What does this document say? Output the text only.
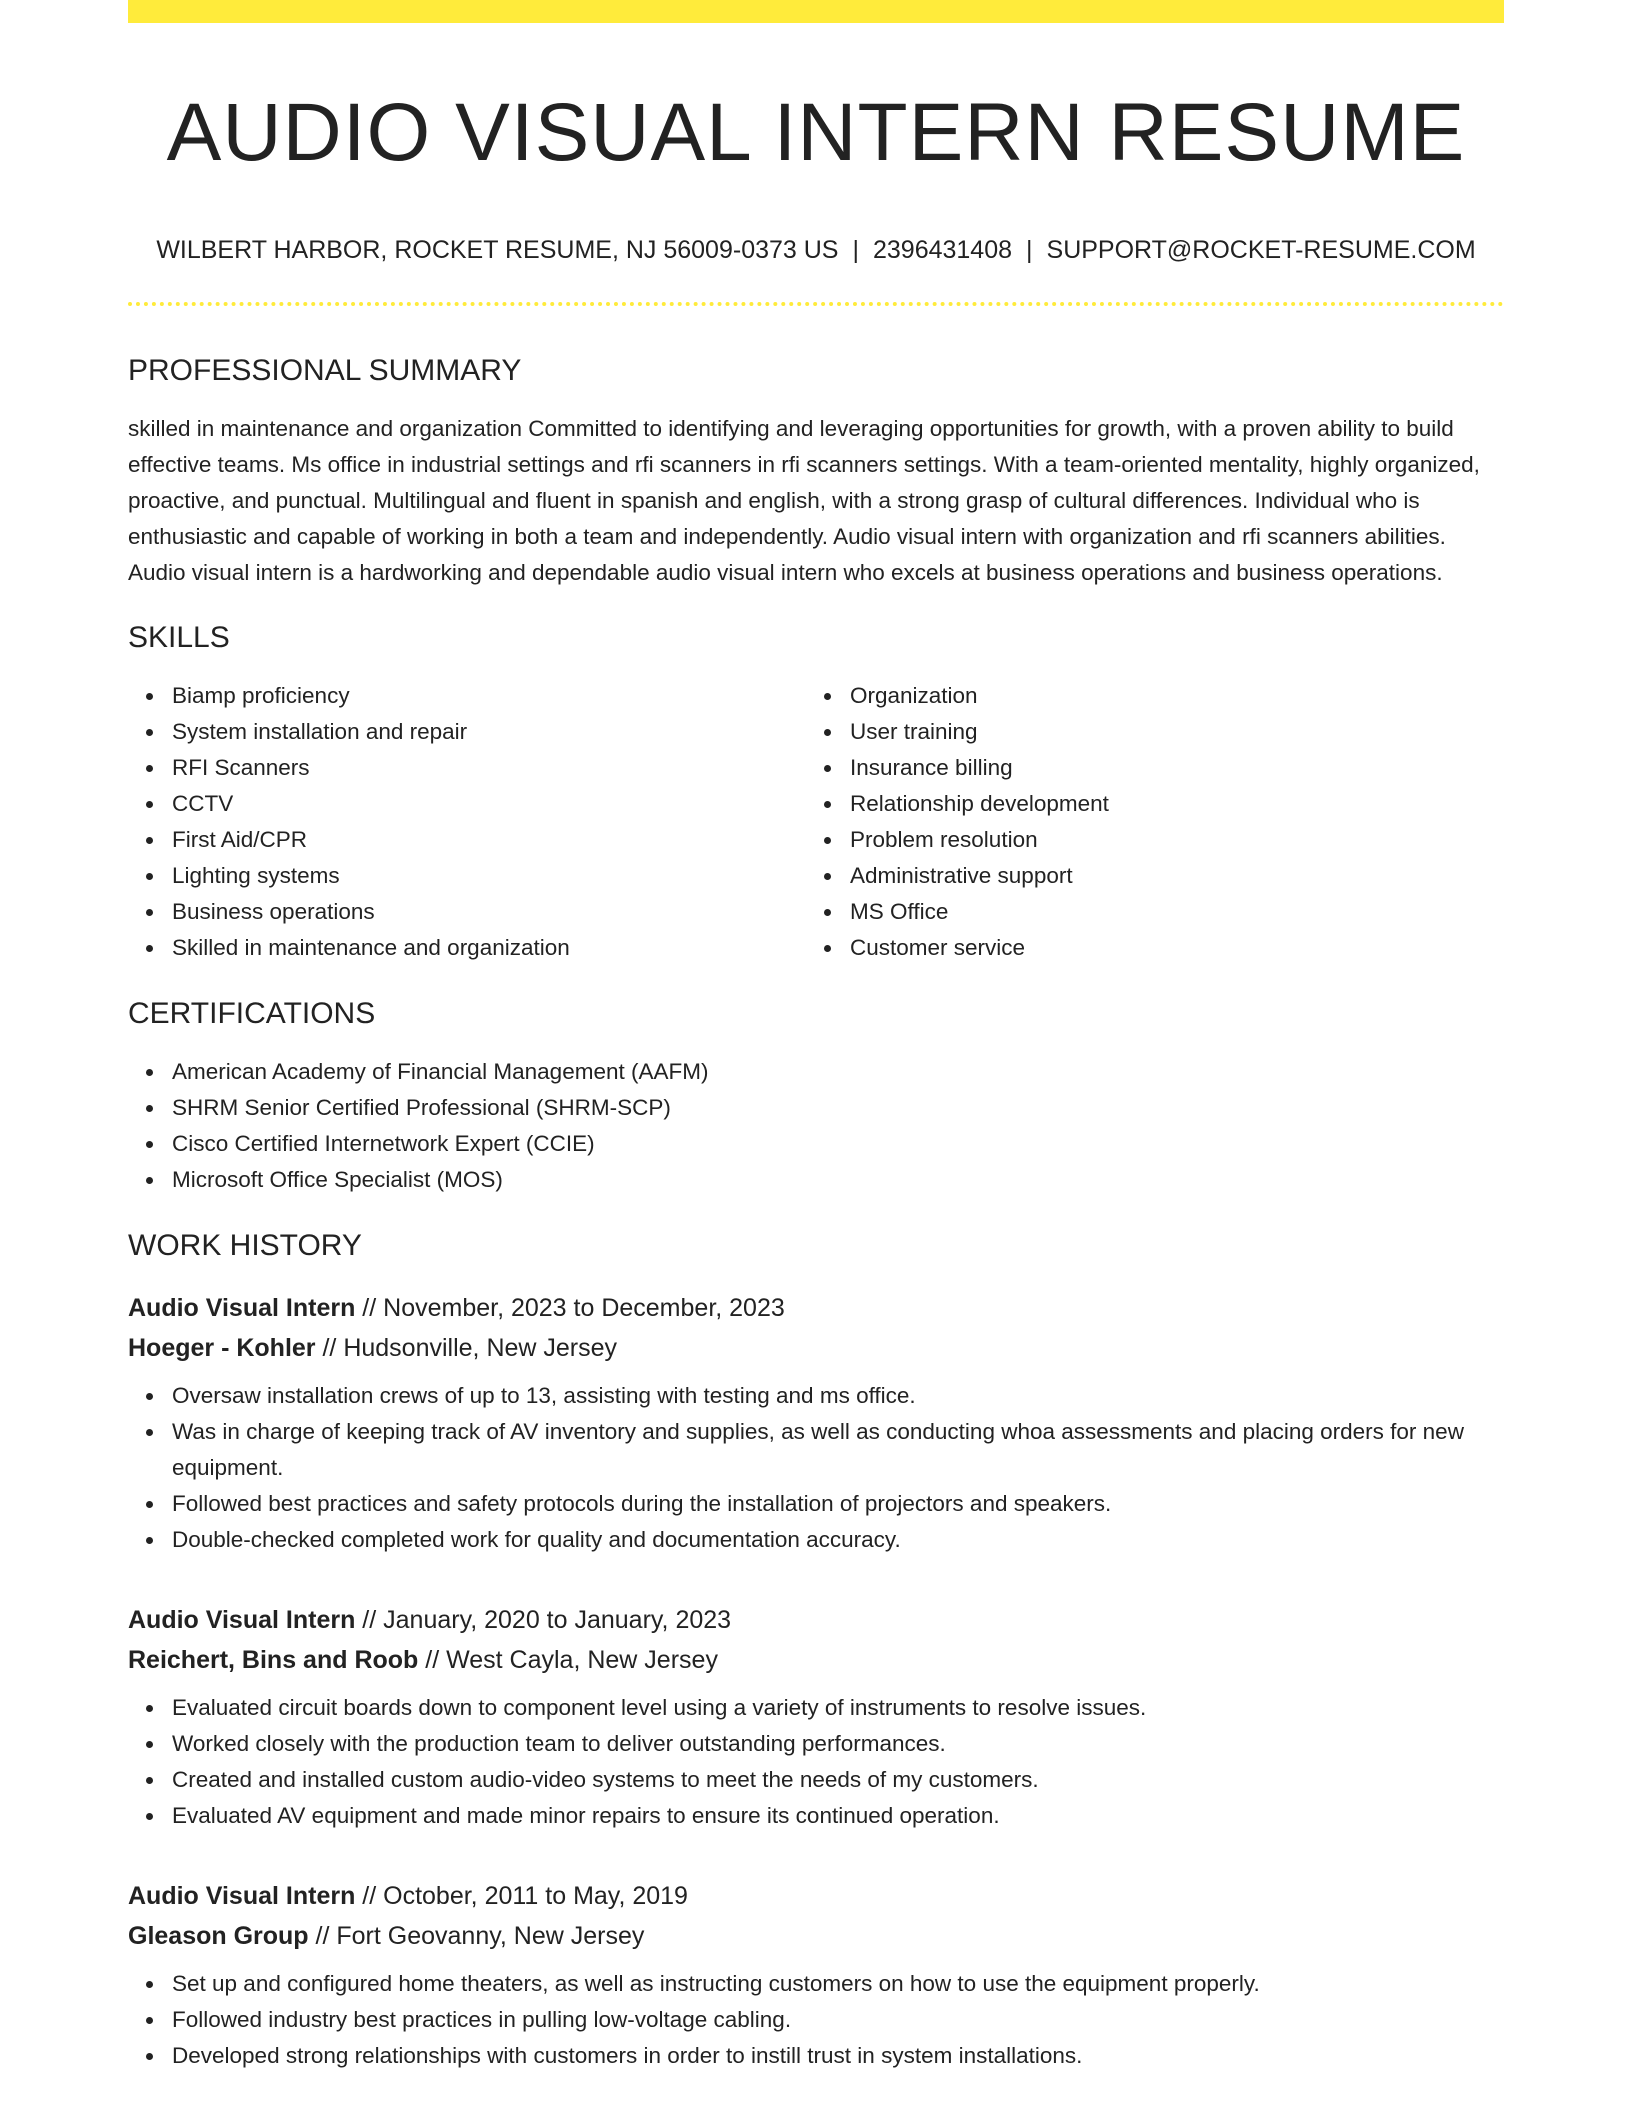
AUDIO VISUAL INTERN RESUME
WILBERT HARBOR, ROCKET RESUME, NJ 56009-0373 US | 2396431408 | SUPPORT@ROCKET-RESUME.COM
PROFESSIONAL SUMMARY

skilled in maintenance and organization Committed to identifying and leveraging opportunities for growth, with a proven ability to build effective teams. Ms office in industrial settings and rfi scanners in rfi scanners settings. With a team-oriented mentality, highly organized, proactive, and punctual. Multilingual and fluent in spanish and english, with a strong grasp of cultural differences. Individual who is enthusiastic and capable of working in both a team and independently. Audio visual intern with organization and rfi scanners abilities. Audio visual intern is a hardworking and dependable audio visual intern who excels at business operations and business operations.

SKILLS
Biamp proficiency
System installation and repair
RFI Scanners
CCTV
First Aid/CPR
Lighting systems
Business operations
Skilled in maintenance and organization
Organization
User training
Insurance billing
Relationship development
Problem resolution
Administrative support
MS Office
Customer service
CERTIFICATIONS
American Academy of Financial Management (AAFM)
SHRM Senior Certified Professional (SHRM-SCP)
Cisco Certified Internetwork Expert (CCIE)
Microsoft Office Specialist (MOS)
WORK HISTORY
Audio Visual Intern // November, 2023 to December, 2023
Hoeger - Kohler // Hudsonville, New Jersey
Oversaw installation crews of up to 13, assisting with testing and ms office.
Was in charge of keeping track of AV inventory and supplies, as well as conducting whoa assessments and placing orders for new equipment.
Followed best practices and safety protocols during the installation of projectors and speakers.
Double-checked completed work for quality and documentation accuracy.
Audio Visual Intern // January, 2020 to January, 2023
Reichert, Bins and Roob // West Cayla, New Jersey
Evaluated circuit boards down to component level using a variety of instruments to resolve issues.
Worked closely with the production team to deliver outstanding performances.
Created and installed custom audio-video systems to meet the needs of my customers.
Evaluated AV equipment and made minor repairs to ensure its continued operation.
Audio Visual Intern // October, 2011 to May, 2019
Gleason Group // Fort Geovanny, New Jersey
Set up and configured home theaters, as well as instructing customers on how to use the equipment properly.
Followed industry best practices in pulling low-voltage cabling.
Developed strong relationships with customers in order to instill trust in system installations.
